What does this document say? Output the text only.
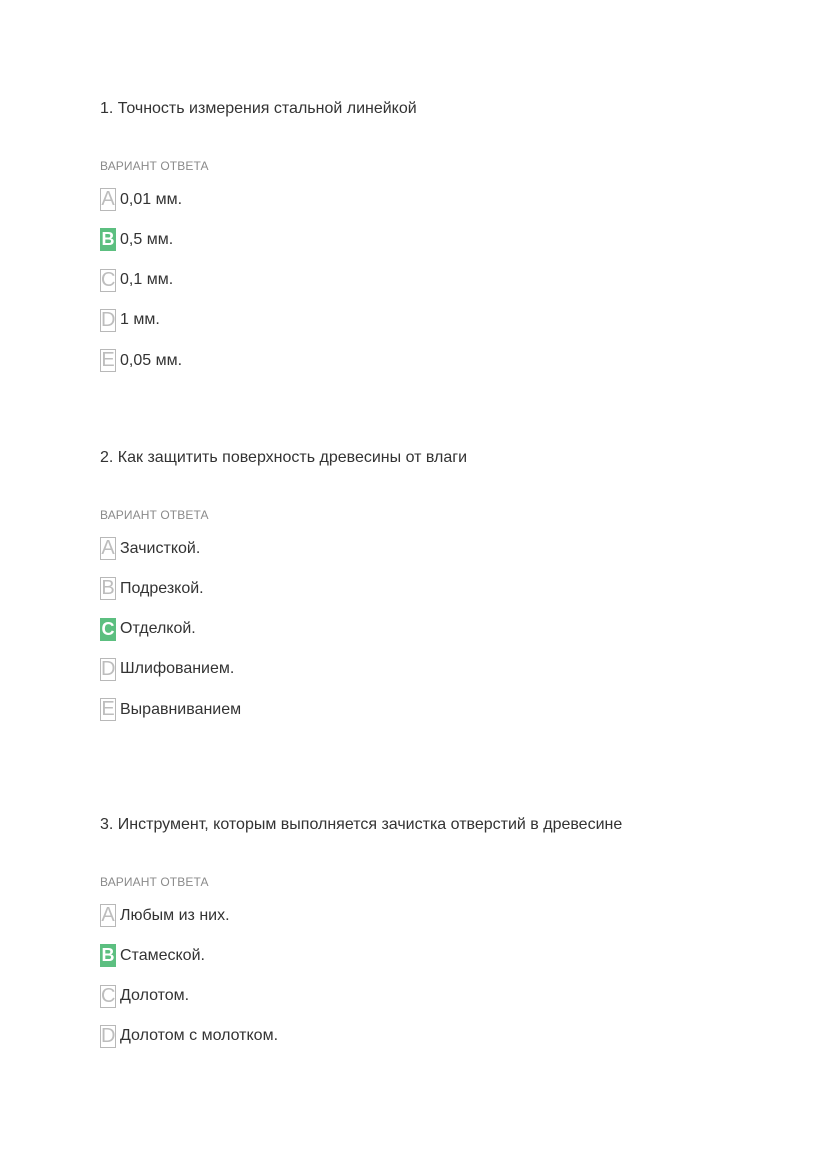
1. Точность измерения стальной линейкой

ВАРИАНТ ОТВЕТА
A 0,01 мм.
B 0,5 мм.
C 0,1 мм.
D 1 мм.
E 0,05 мм.

2. Как защитить поверхность древесины от влаги

ВАРИАНТ ОТВЕТА
A Зачисткой.
B Подрезкой.
C Отделкой.
D Шлифованием.
E Выравниванием

3. Инструмент, которым выполняется зачистка отверстий в древесине

ВАРИАНТ ОТВЕТА
A Любым из них.
B Стамеской.
C Долотом.
D Долотом с молотком.
